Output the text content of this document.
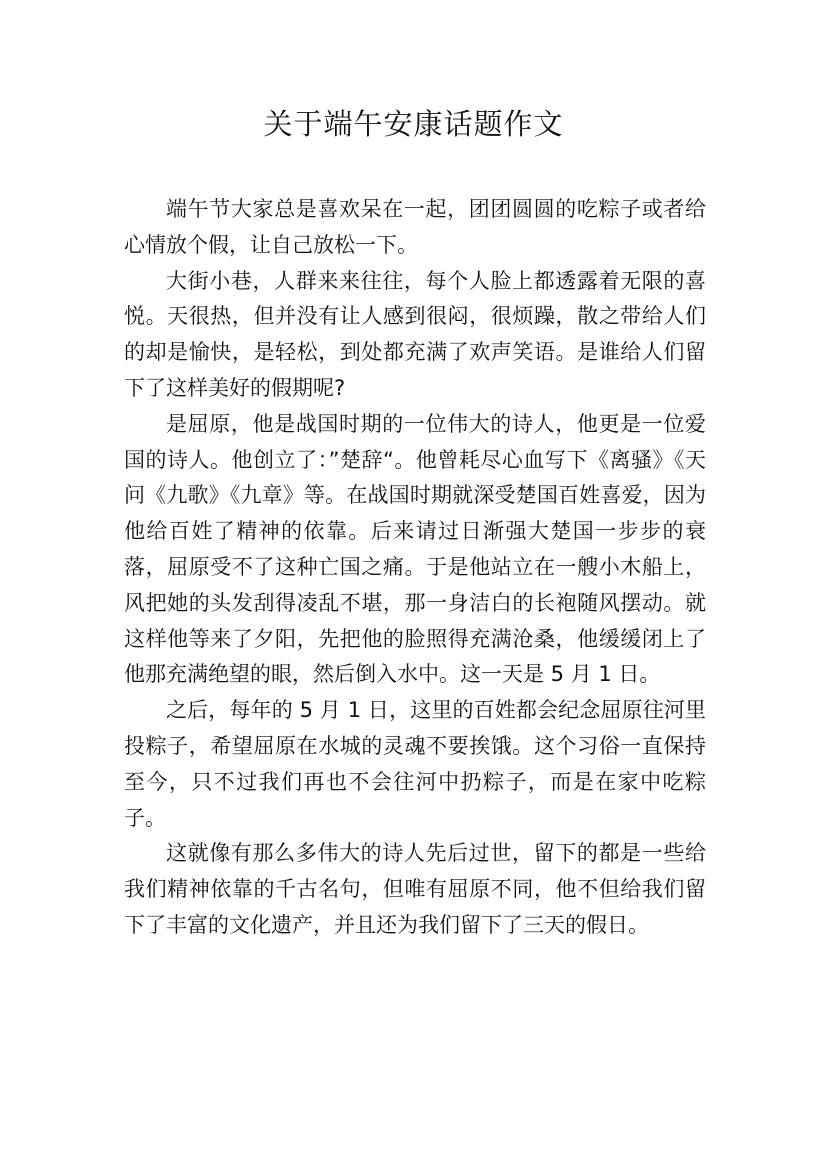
关于端午安康话题作文

端午节大家总是喜欢呆在一起，团团圆圆的吃粽子或者给心情放个假，让自己放松一下。

大街小巷，人群来来往往，每个人脸上都透露着无限的喜悦。天很热，但并没有让人感到很闷，很烦躁，散之带给人们的却是愉快，是轻松，到处都充满了欢声笑语。是谁给人们留下了这样美好的假期呢?

是屈原，他是战国时期的一位伟大的诗人，他更是一位爱国的诗人。他创立了：”楚辞“。他曾耗尽心血写下《离骚》《天问《九歌》《九章》等。在战国时期就深受楚国百姓喜爱，因为他给百姓了精神的依靠。后来请过日渐强大楚国一步步的衰落，屈原受不了这种亡国之痛。于是他站立在一艘小木船上，风把她的头发刮得凌乱不堪，那一身洁白的长袍随风摆动。就这样他等来了夕阳，先把他的脸照得充满沧桑，他缓缓闭上了他那充满绝望的眼，然后倒入水中。这一天是 5 月 1 日。

之后，每年的 5 月 1 日，这里的百姓都会纪念屈原往河里投粽子，希望屈原在水城的灵魂不要挨饿。这个习俗一直保持至今，只不过我们再也不会往河中扔粽子，而是在家中吃粽子。

这就像有那么多伟大的诗人先后过世，留下的都是一些给我们精神依靠的千古名句，但唯有屈原不同，他不但给我们留下了丰富的文化遗产，并且还为我们留下了三天的假日。
